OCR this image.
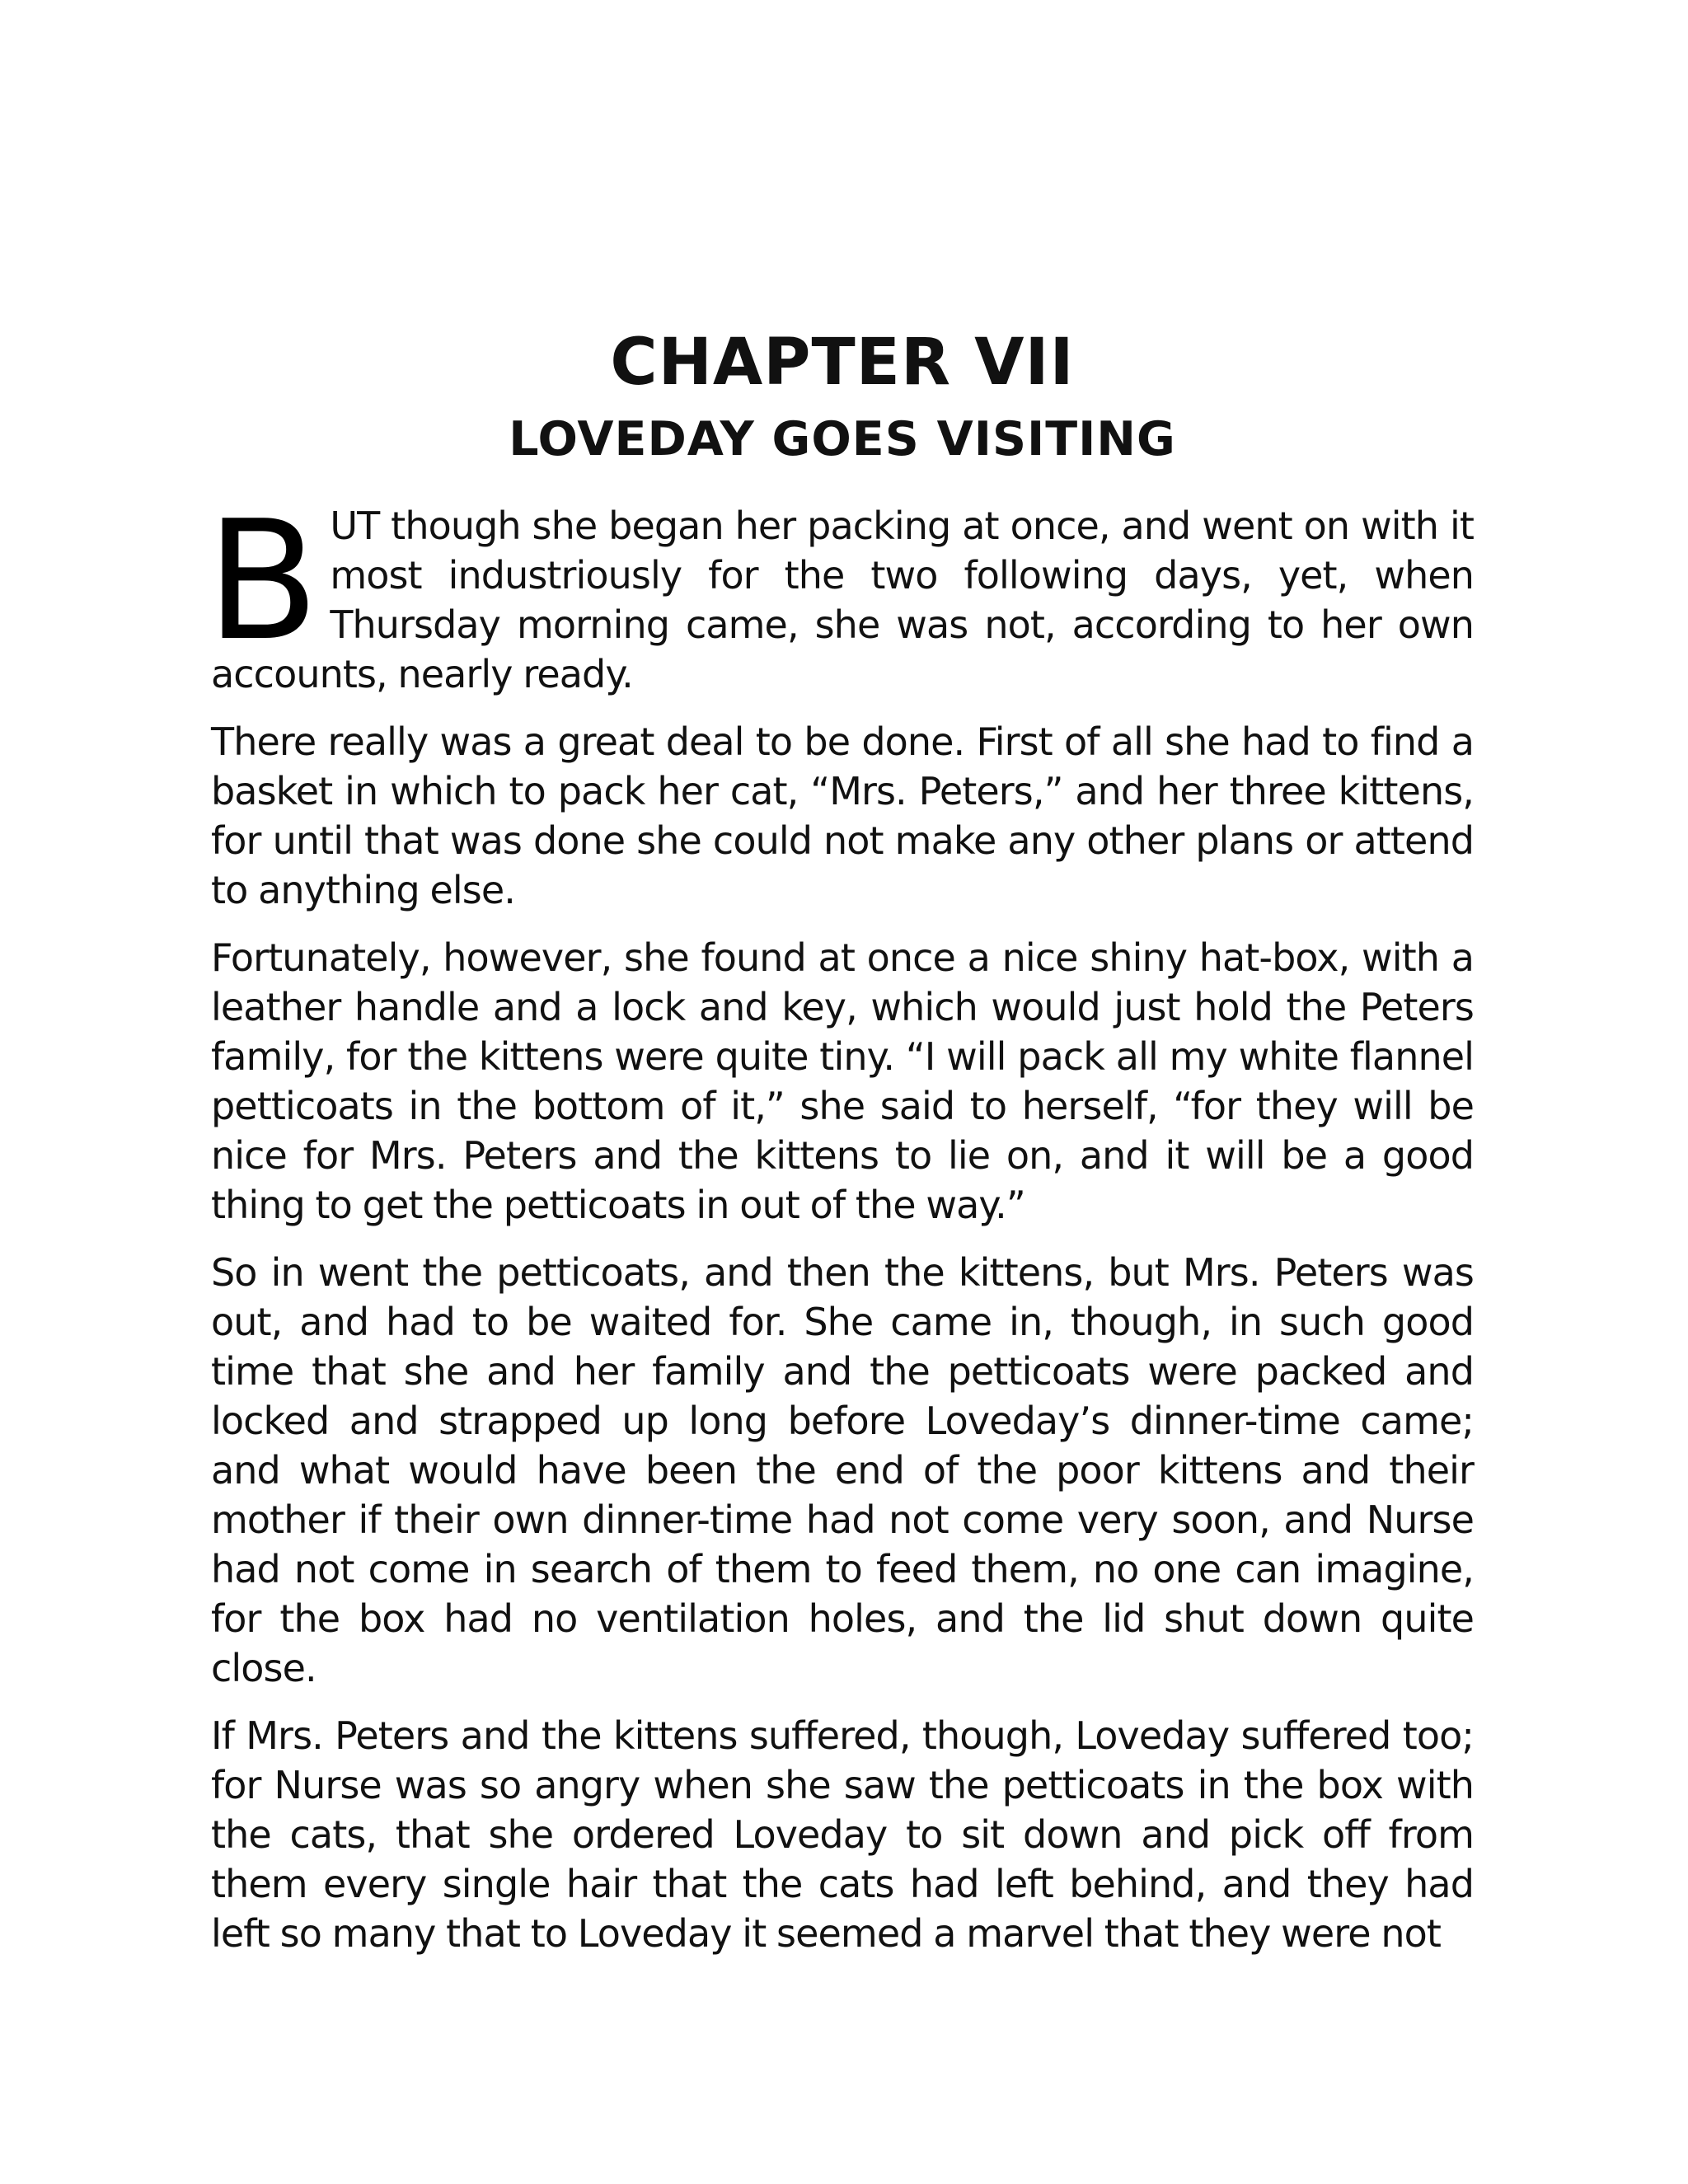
CHAPTER VII
LOVEDAY GOES VISITING

BUT though she began her packing at once, and went on with it most industriously for the two following days, yet, when Thursday morning came, she was not, according to her own accounts, nearly ready.

There really was a great deal to be done. First of all she had to find a basket in which to pack her cat, “Mrs. Peters,” and her three kittens, for until that was done she could not make any other plans or attend to anything else.

Fortunately, however, she found at once a nice shiny hat-box, with a leather handle and a lock and key, which would just hold the Peters family, for the kittens were quite tiny. “I will pack all my white flannel petticoats in the bottom of it,” she said to herself, “for they will be nice for Mrs. Peters and the kittens to lie on, and it will be a good thing to get the petticoats in out of the way.”

So in went the petticoats, and then the kittens, but Mrs. Peters was out, and had to be waited for. She came in, though, in such good time that she and her family and the petticoats were packed and locked and strapped up long before Loveday’s dinner-time came; and what would have been the end of the poor kittens and their mother if their own dinner-time had not come very soon, and Nurse had not come in search of them to feed them, no one can imagine, for the box had no ventilation holes, and the lid shut down quite close.

If Mrs. Peters and the kittens suffered, though, Loveday suffered too; for Nurse was so angry when she saw the petticoats in the box with the cats, that she ordered Loveday to sit down and pick off from them every single hair that the cats had left behind, and they had left so many that to Loveday it seemed a marvel that they were not
